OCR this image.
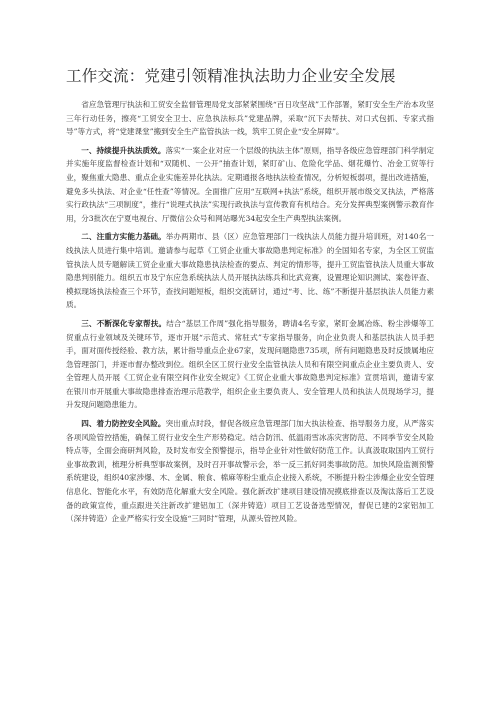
工作交流：党建引领精准执法助力企业安全发展

省应急管理厅执法和工贸安全监督管理局党支部紧紧围绕“百日攻坚战”工作部署，紧盯安全生产治本攻坚三年行动任务，擦亮“工贸安全卫士、应急执法标兵”党建品牌，采取“沉下去帮扶、对口式包抓、专家式指导”等方式，将“党建课堂”搬到安全生产监管执法一线，筑牢工贸企业“安全屏障”。

一、持续提升执法质效。落实“一案企业对应一个层级的执法主体”原则，指导各级应急管理部门科学制定并实施年度监督检查计划和“双随机、一公开”抽查计划，紧盯矿山、危险化学品、烟花爆竹、冶金工贸等行业，聚焦重大隐患、重点企业实施差异化执法。定期通报各地执法检查情况，分析短板弱项，提出改进措施，避免多头执法、对企业“任性查”等情况。全面推广应用“互联网+执法”系统，组织开展市级交叉执法，严格落实行政执法“三项制度”，推行“说理式执法”实现行政执法与宣传教育有机结合。充分发挥典型案例警示教育作用，分3批次在宁夏电视台、厅微信公众号和网站曝光34起安全生产典型执法案例。

二、注重方实能力基础。举办两期市、县（区）应急管理部门一线执法人员能力提升培训班，对140名一线执法人员进行集中培训。邀请参与起草《工贸企业重大事故隐患判定标准》的全国知名专家，为全区工贸监管执法人员专题解读工贸企业重大事故隐患执法检查的要点、判定的情形等，提升工贸监管执法人员重大事故隐患判别能力。组织五市及宁东应急系统执法人员开展执法练兵和比武竞赛，设置理论知识测试、案卷评查、模拟现场执法检查三个环节，查找问题短板，组织交流研讨，通过“考、比、练”不断提升基层执法人员能力素质。

三、不断深化专家帮扶。结合“基层工作周”强化指导服务，聘请4名专家，紧盯金属冶炼、粉尘涉爆等工贸重点行业领域及关键环节，逐市开展“示范式、常驻式”专家指导服务，向企业负责人和基层执法人员手把手，面对面传授经验、教方法，累计指导重点企业67家，发现问题隐患735项，所有问题隐患及时反馈属地应急管理部门，并逐市督办整改到位。组织全区工贸行业安全监管执法人员和有限空间重点企业主要负责人、安全管理人员开展《工贸企业有限空间作业安全规定》《工贸企业重大事故隐患判定标准》宣贯培训，邀请专家在银川市开展重大事故隐患排查治理示范教学，组织企业主要负责人、安全管理人员和执法人员现场学习，提升发现问题隐患能力。

四、着力防控安全风险。突出重点时段，督促各级应急管理部门加大执法检查、指导服务力度，从严落实各项风险管控措施，确保工贸行业安全生产形势稳定。结合防汛、低温雨雪冰冻灾害防范、不同季节安全风险特点等，全面会商研判风险，及时发布安全预警提示，指导企业针对性做好防范工作。认真汲取取国内工贸行业事故教训，梳理分析典型事故案例，及时召开事故警示会，举一反三抓好同类事故防范。加快风险监测预警系统建设，组织40家涉爆、木、金属、粮食、棉麻等粉尘重点企业接入系统，不断提升粉尘涉爆企业安全管理信息化、智能化水平，有效防范化解重大安全风险。强化新改扩建项目建设情况摸底排查以及淘汰落后工艺设备的政策宣传，重点跟进关注新改扩建铝加工（深井铸造）项目工艺设备选型情况，督促已建的2家铝加工（深井铸造）企业严格实行安全设施“三同时”管理，从源头管控风险。
